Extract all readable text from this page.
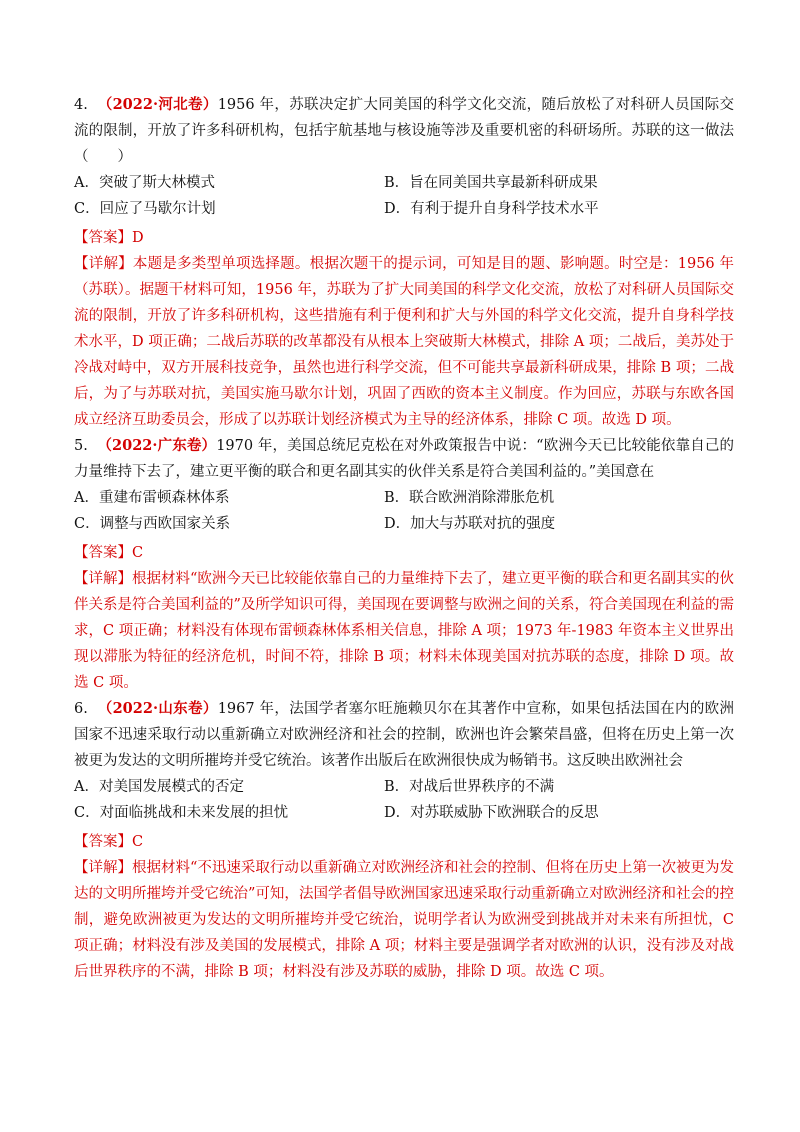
4. （2022·河北卷）1956 年，苏联决定扩大同美国的科学文化交流，随后放松了对科研人员国际交流的限制，开放了许多科研机构，包括宇航基地与核设施等涉及重要机密的科研场所。苏联的这一做法（　　）
A．突破了斯大林模式	B．旨在同美国共享最新科研成果
C．回应了马歇尔计划	D．有利于提升自身科学技术水平
【答案】D
【详解】本题是多类型单项选择题。根据次题干的提示词，可知是目的题、影响题。时空是：1956 年（苏联）。据题干材料可知，1956 年，苏联为了扩大同美国的科学文化交流，放松了对科研人员国际交流的限制，开放了许多科研机构，这些措施有利于便利和扩大与外国的科学文化交流，提升自身科学技术水平，D 项正确；二战后苏联的改革都没有从根本上突破斯大林模式，排除 A 项；二战后，美苏处于冷战对峙中，双方开展科技竞争，虽然也进行科学交流，但不可能共享最新科研成果，排除 B 项；二战后，为了与苏联对抗，美国实施马歇尔计划，巩固了西欧的资本主义制度。作为回应，苏联与东欧各国成立经济互助委员会，形成了以苏联计划经济模式为主导的经济体系，排除 C 项。故选 D 项。
5. （2022·广东卷）1970 年，美国总统尼克松在对外政策报告中说：“欧洲今天已比较能依靠自己的力量维持下去了，建立更平衡的联合和更名副其实的伙伴关系是符合美国利益的。”美国意在
A．重建布雷顿森林体系	B．联合欧洲消除滞胀危机
C．调整与西欧国家关系	D．加大与苏联对抗的强度
【答案】C
【详解】根据材料“欧洲今天已比较能依靠自己的力量维持下去了，建立更平衡的联合和更名副其实的伙伴关系是符合美国利益的”及所学知识可得，美国现在要调整与欧洲之间的关系，符合美国现在利益的需求，C 项正确；材料没有体现布雷顿森林体系相关信息，排除 A 项；1973 年-1983 年资本主义世界出现以滞胀为特征的经济危机，时间不符，排除 B 项；材料未体现美国对抗苏联的态度，排除 D 项。故选 C 项。
6. （2022·山东卷）1967 年，法国学者塞尔旺施赖贝尔在其著作中宣称，如果包括法国在内的欧洲国家不迅速采取行动以重新确立对欧洲经济和社会的控制，欧洲也许会繁荣昌盛，但将在历史上第一次被更为发达的文明所摧垮并受它统治。该著作出版后在欧洲很快成为畅销书。这反映出欧洲社会
A．对美国发展模式的否定	B．对战后世界秩序的不满
C．对面临挑战和未来发展的担忧	D．对苏联威胁下欧洲联合的反思
【答案】C
【详解】根据材料“不迅速采取行动以重新确立对欧洲经济和社会的控制、但将在历史上第一次被更为发达的文明所摧垮并受它统治”可知，法国学者倡导欧洲国家迅速采取行动重新确立对欧洲经济和社会的控制，避免欧洲被更为发达的文明所摧垮并受它统治，说明学者认为欧洲受到挑战并对未来有所担忧，C 项正确；材料没有涉及美国的发展模式，排除 A 项；材料主要是强调学者对欧洲的认识，没有涉及对战后世界秩序的不满，排除 B 项；材料没有涉及苏联的威胁，排除 D 项。故选 C 项。
